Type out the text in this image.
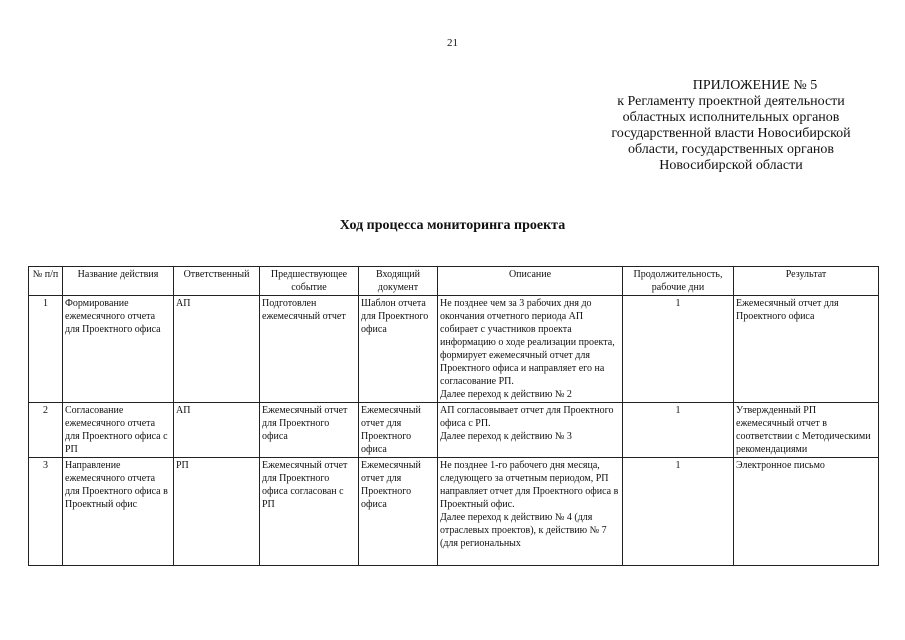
21
ПРИЛОЖЕНИЕ № 5
к Регламенту проектной деятельности
областных исполнительных органов
государственной власти Новосибирской
области, государственных органов
Новосибирской области
Ход процесса мониторинга проекта
№ п/п	Название действия	Ответственный	Предшествующее событие	Входящий документ	Описание	Продолжительность, рабочие дни	Результат
1	Формирование ежемесячного отчета для Проектного офиса	АП	Подготовлен ежемесячный отчет	Шаблон отчета для Проектного офиса	Не позднее чем за 3 рабочих дня до окончания отчетного периода АП собирает с участников проекта информацию о ходе реализации проекта, формирует ежемесячный отчет для Проектного офиса и направляет его на согласование РП.
Далее переход к действию № 2	1	Ежемесячный отчет для Проектного офиса
2	Согласование ежемесячного отчета для Проектного офиса с РП	АП	Ежемесячный отчет для Проектного офиса	Ежемесячный отчет для Проектного офиса	АП согласовывает отчет для Проектного офиса с РП.
Далее переход к действию № 3	1	Утвержденный РП ежемесячный отчет в соответствии с Методическими рекомендациями
3	Направление ежемесячного отчета для Проектного офиса в Проектный офис	РП	Ежемесячный отчет для Проектного офиса согласован с РП	Ежемесячный отчет для Проектного офиса	Не позднее 1-го рабочего дня месяца, следующего за отчетным периодом, РП направляет отчет для Проектного офиса в Проектный офис.
Далее переход к действию № 4 (для отраслевых проектов), к действию № 7 (для региональных	1	Электронное письмо
